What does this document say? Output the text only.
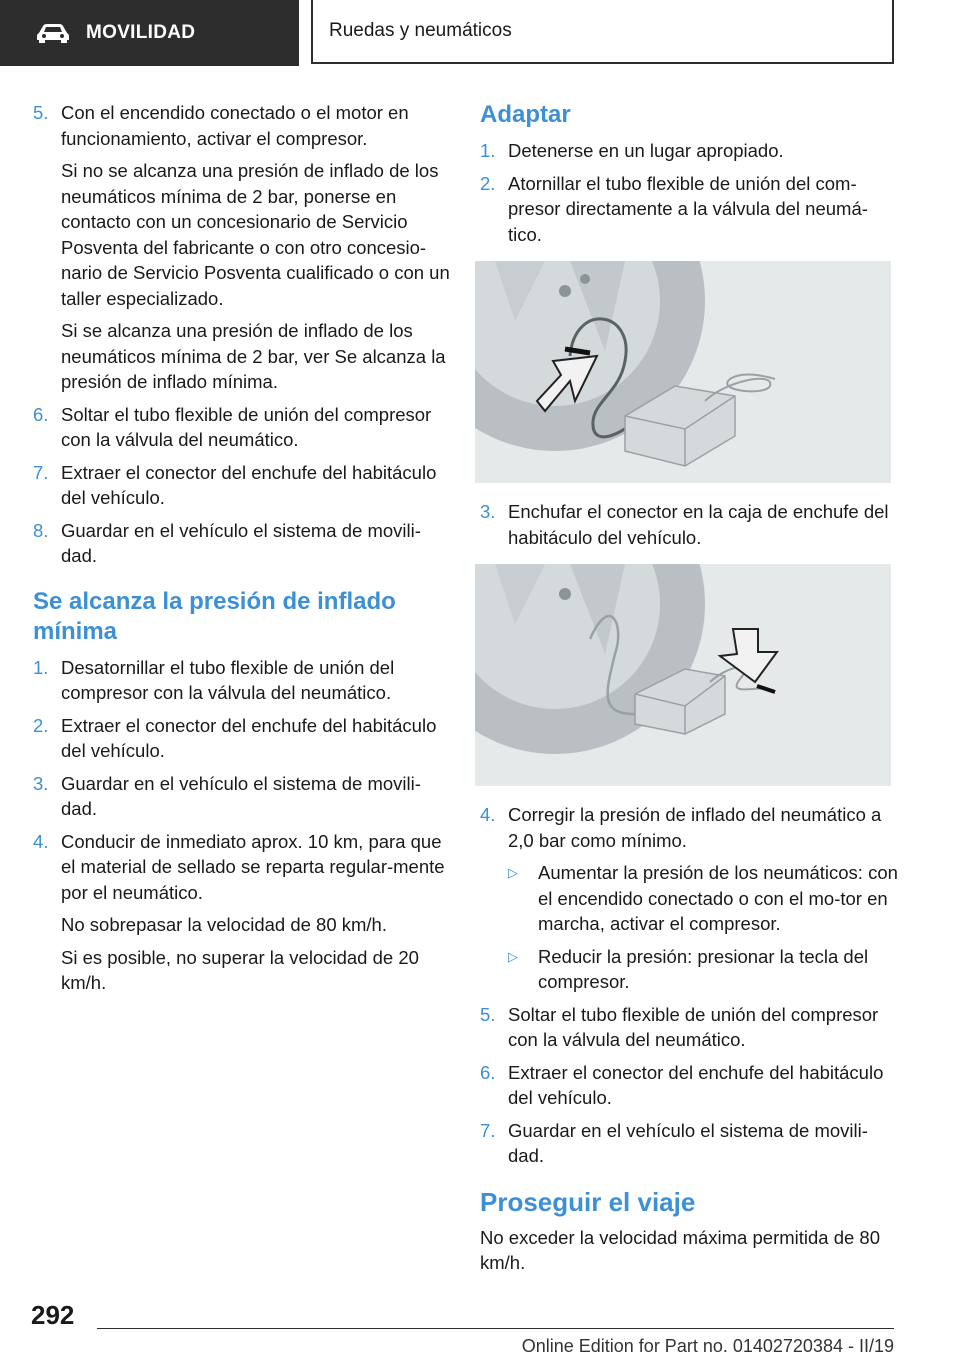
MOVILIDAD	Ruedas y neumáticos
5. Con el encendido conectado o el motor en funcionamiento, activar el compresor.

Si no se alcanza una presión de inflado de los neumáticos mínima de 2 bar, ponerse en contacto con un concesionario de Servicio Posventa del fabricante o con otro concesio-nario de Servicio Posventa cualificado o con un taller especializado.

Si se alcanza una presión de inflado de los neumáticos mínima de 2 bar, ver Se alcanza la presión de inflado mínima.

6. Soltar el tubo flexible de unión del compresor con la válvula del neumático.

7. Extraer el conector del enchufe del habitáculo del vehículo.

8. Guardar en el vehículo el sistema de movili-dad.

Se alcanza la presión de inflado mínima
1. Desatornillar el tubo flexible de unión del compresor con la válvula del neumático.

2. Extraer el conector del enchufe del habitáculo del vehículo.

3. Guardar en el vehículo el sistema de movili-dad.

4. Conducir de inmediato aprox. 10 km, para que el material de sellado se reparta regular-mente por el neumático.

No sobrepasar la velocidad de 80 km/h.

Si es posible, no superar la velocidad de 20 km/h.

Adaptar
1. Detenerse en un lugar apropiado.

2. Atornillar el tubo flexible de unión del com-presor directamente a la válvula del neumá-tico.

3. Enchufar el conector en la caja de enchufe del habitáculo del vehículo.

4. Corregir la presión de inflado del neumático a 2,0 bar como mínimo.

▷	Aumentar la presión de los neumáticos: con el encendido conectado o con el mo-tor en marcha, activar el compresor.
▷	Reducir la presión: presionar la tecla del compresor.
5. Soltar el tubo flexible de unión del compresor con la válvula del neumático.

6. Extraer el conector del enchufe del habitáculo del vehículo.

7. Guardar en el vehículo el sistema de movili-dad.

Proseguir el viaje

No exceder la velocidad máxima permitida de 80 km/h.

292
Online Edition for Part no. 01402720384 - II/19
